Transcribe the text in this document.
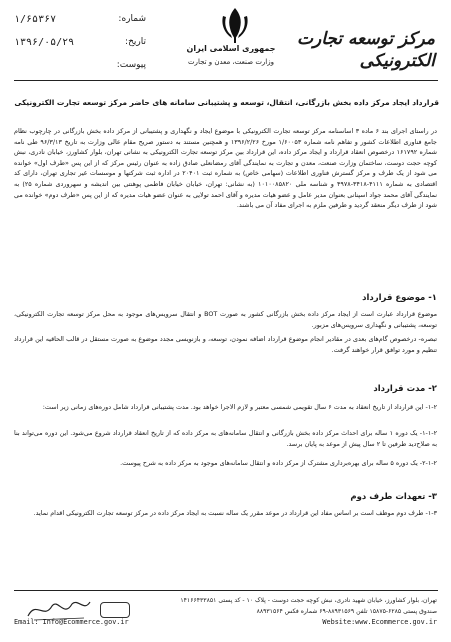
شماره:
۱/۶۵۳۶۷
تاریخ:
۱۳۹۶/۰۵/۲۹
پیوست:
جمهوری اسلامی ایران
وزارت صنعت، معدن و تجارت
مرکز توسعه تجارت الکترونیکی
قرارداد ایجاد مرکز داده بخش بازرگانی، انتقال، توسعه و پشتیبانی سامانه های حاضر مرکز توسعه تجارت الکترونیکی
در راستای اجرای بند ۶ ماده ۳ اساسنامه مرکز توسعه تجارت الکترونیکی با موضوع ایجاد و نگهداری و پشتیبانی از مرکز داده بخش بازرگانی در چارچوب نظام جامع فناوری اطلاعات کشور و تفاهم نامه شماره ۱/۶۰۰۵۳ مورخ ۱۳۹۶/۲/۲۶ و همچنین مستند به دستور صریح مقام عالی وزارت به تاریخ ۹۶/۳/۱۳ طی نامه شماره ۱۶۱۷۹۲ درخصوص انعقاد قرارداد و ایجاد مرکز داده، این قرارداد بین مرکز توسعه تجارت الکترونیکی به نشانی تهران، بلوار کشاورز، خیابان نادری، نبش کوچه حجت دوست، ساختمان وزارت صنعت، معدن و تجارت به نمایندگی آقای رمضانعلی صادق زاده به عنوان رئیس مرکز که از این پس «طرف اول» خوانده می شود از یک طرف و مرکز گسترش فناوری اطلاعات (سهامی خاص) به شماره ثبت ۲۰۴۰۱ در اداره ثبت شرکتها و موسسات غیر تجاری تهران، دارای کد اقتصادی به شماره ۴۱۱۱-۳۴۱۸-۴۹۷۸ و شناسه ملی ۱۰۱۰۰۸۵۸۲۰ (به نشانی: تهران، خیابان خیابان فاطمی پوهنتی بین اندیشه و سهروردی شماره ۲۵) به نمایندگی آقای محمد جواد اسپنانی بعنوان مدیر عامل و عضو هیات مدیره و آقای احمد تولایی به عنوان عضو هیات مدیره که از این پس «طرف دوم» خوانده می شود از طرف دیگر منعقد گردید و طرفین ملزم به اجرای مفاد آن می باشند.
۱- موضوع قرارداد
موضوع قرارداد عبارت است از ایجاد مرکز داده بخش بازرگانی کشور به صورت BOT و انتقال سرویس‌های موجود به محل مرکز توسعه تجارت الکترونیکی، توسعه، پشتیبانی و نگهداری سرویس‌های مزبور.
تبصره- درخصوص گام‌های بعدی در مقادیر انجام موضوع قرارداد اضافه نمودن، توسعه، و بازنویسی مجدد موضوع به صورت مستقل در قالب الحاقیه این قرارداد تنظیم و مورد توافق قرار خواهند گرفت.
۲- مدت قرارداد
۱-۲- این قرارداد از تاریخ انعقاد به مدت ۶ سال تقویمی شمسی معتبر و لازم الاجرا خواهد بود. مدت پشتیبانی قرارداد شامل دوره‌های زمانی زیر است:
۱-۱-۲- یک دوره ۱ ساله برای احداث مرکز داده بخش بازرگانی و انتقال سامانه‌های به مرکز داده که از تاریخ انعقاد قرارداد شروع می‌شود. این دوره می‌تواند بنا به صلاح‌دید طرفین تا ۲ سال پیش از موعد به پایان برسد.
۲-۱-۲- یک دوره ۵ ساله برای بهره‌برداری مشترک از مرکز داده و انتقال سامانه‌های موجود به مرکز داده به شرح پیوست.
۳- تعهدات طرف دوم
۱-۳- طرف دوم موظف است بر اساس مفاد این قرارداد در موعد مقرر یک ساله نسبت به ایجاد مرکز داده در مرکز توسعه تجارت الکترونیکی اقدام نماید.
تهران، بلوار کشاورز، خیابان شهید نادری، نبش کوچه حجت دوست - پلاک ۱۰ - کد پستی ۱۴۱۶۶۴۳۳۸۵۱
صندوق پستی ۶۲۸۵-۱۵۸۷۵ تلفن ۸۸۹۳۱۵۶۹-۶۹ شماره فکس ۸۸۹۳۱۵۶۴
Email: Info@Ecommerce.gov.ir	Website:www.Ecommerce.gov.ir
